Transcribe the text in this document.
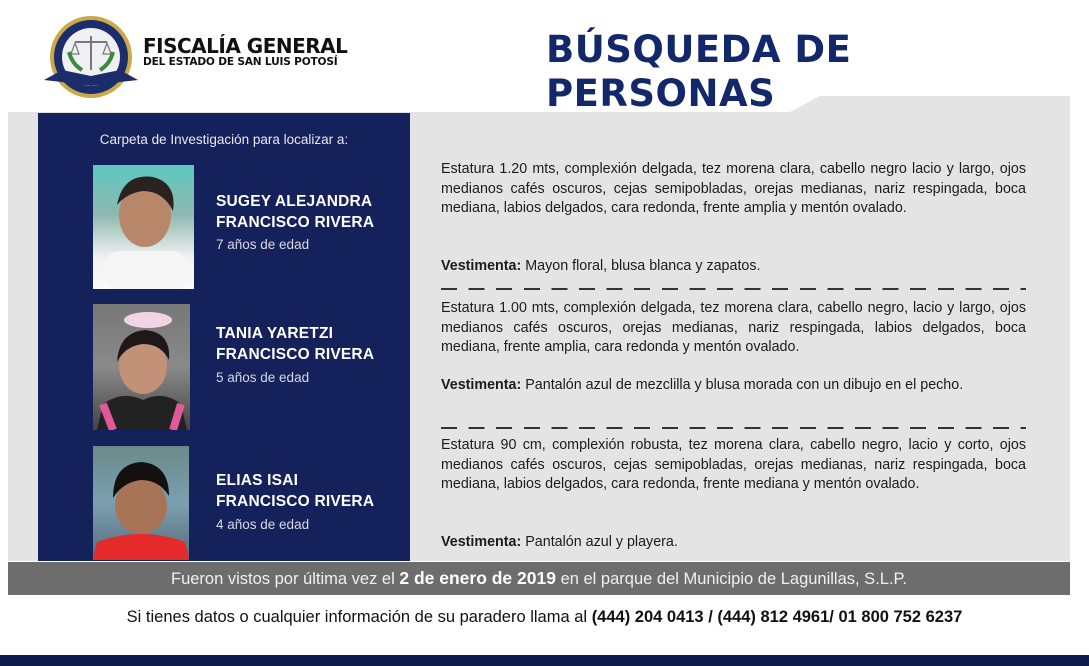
FISCALÍA GENERAL
DEL ESTADO DE SAN LUIS POTOSÍ	BÚSQUEDA DE PERSONAS
Carpeta de Investigación para localizar a:
SUGEY ALEJANDRA
FRANCISCO RIVERA
7 años de edad
TANIA YARETZI
FRANCISCO RIVERA
5 años de edad
ELIAS ISAI
FRANCISCO RIVERA
4 años de edad
Estatura 1.20 mts, complexión delgada, tez morena clara, cabello negro lacio y largo, ojos medianos cafés oscuros, cejas semipobladas, orejas medianas, nariz respingada, boca mediana, labios delgados, cara redonda, frente amplia y mentón ovalado.
Vestimenta: Mayon floral, blusa blanca y zapatos.
Estatura 1.00 mts, complexión delgada, tez morena clara, cabello negro, lacio y largo, ojos medianos cafés oscuros, orejas medianas, nariz respingada, labios delgados, boca mediana, frente amplia, cara redonda y mentón ovalado.
Vestimenta: Pantalón azul de mezclilla y blusa morada con un dibujo en el pecho.
Estatura 90 cm, complexión robusta, tez morena clara, cabello negro, lacio y corto, ojos medianos cafés oscuros, cejas semipobladas, orejas medianas, nariz respingada, boca mediana, labios delgados, cara redonda, frente mediana y mentón ovalado.
Vestimenta: Pantalón azul y playera.
Fueron vistos por última vez el 2 de enero de 2019 en el parque del Municipio de Lagunillas, S.L.P.
Si tienes datos o cualquier información de su paradero llama al (444) 204 0413 / (444) 812 4961/ 01 800 752 6237
